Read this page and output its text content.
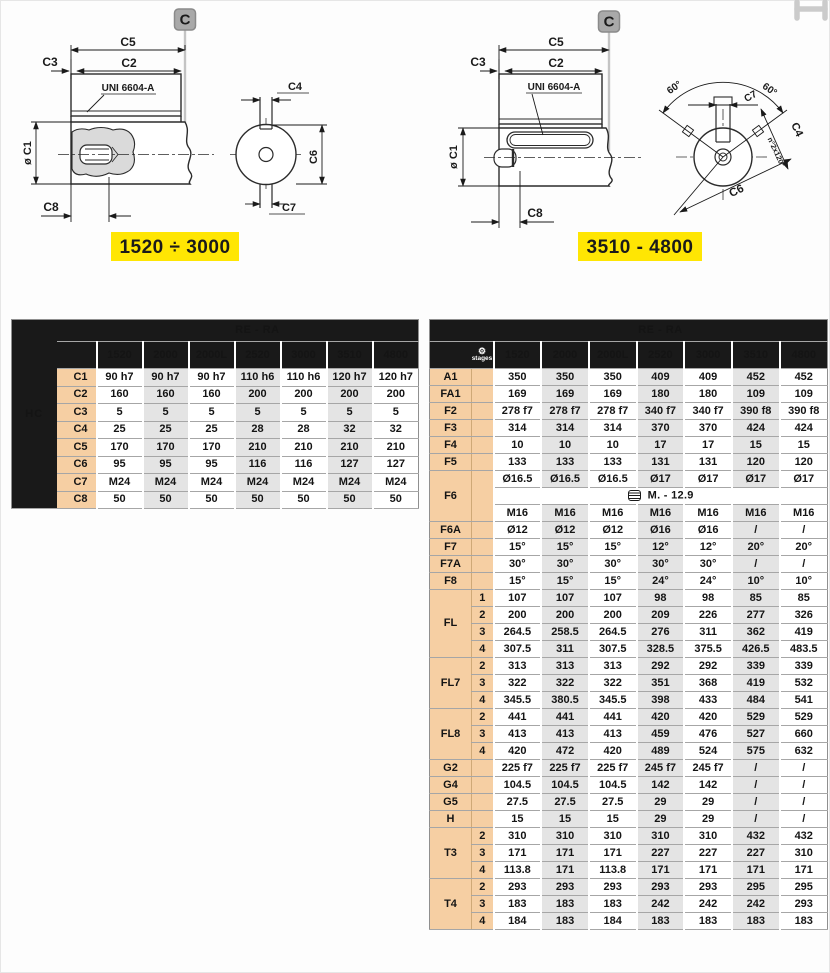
C
C5
C2
C3
UNI 6604-A
ø C1
C8
C4
C6
C7
1520 ÷ 3000
C
C5
C2
C3
UNI 6604-A
ø C1
C8
60°	60°
C7
C4
n°2x120°
C6
3510 - 4800
HC	RE - RA							
		1520	2000	2000L	2520	3000	3510	4800
	C1	90 h7	90 h7	90 h7	110 h6	110 h6	120 h7	120 h7
	C2	160	160	160	200	200	200	200
	C3	5	5	5	5	5	5	5
	C4	25	25	25	28	28	32	32
	C5	170	170	170	210	210	210	210
	C6	95	95	95	116	116	127	127
	C7	M24	M24	M24	M24	M24	M24	M24
	C8	50	50	50	50	50	50	50
RE - RA								

	⚙
stages	1520	2000	2000L	2520	3000	3510	4800
A1		350	350	350	409	409	452	452
FA1		169	169	169	180	180	109	109
F2		278 f7	278 f7	278 f7	340 f7	340 f7	390 f8	390 f8
F3		314	314	314	370	370	424	424
F4		10	10	10	17	17	15	15
F5		133	133	133	131	131	120	120
F6		Ø16.5	Ø16.5	Ø16.5	Ø17	Ø17	Ø17	Ø17
		M. - 12.9						
		M16	M16	M16	M16	M16	M16	M16
F6A		Ø12	Ø12	Ø12	Ø16	Ø16	/	/
F7		15°	15°	15°	12°	12°	20°	20°
F7A		30°	30°	30°	30°	30°	/	/
F8		15°	15°	15°	24°	24°	10°	10°
FL	1	107	107	107	98	98	85	85
	2	200	200	200	209	226	277	326
	3	264.5	258.5	264.5	276	311	362	419
	4	307.5	311	307.5	328.5	375.5	426.5	483.5
FL7	2	313	313	313	292	292	339	339
	3	322	322	322	351	368	419	532
	4	345.5	380.5	345.5	398	433	484	541
FL8	2	441	441	441	420	420	529	529
	3	413	413	413	459	476	527	660
	4	420	472	420	489	524	575	632
G2		225 f7	225 f7	225 f7	245 f7	245 f7	/	/
G4		104.5	104.5	104.5	142	142	/	/
G5		27.5	27.5	27.5	29	29	/	/
H		15	15	15	29	29	/	/
T3	2	310	310	310	310	310	432	432
	3	171	171	171	227	227	227	310
	4	113.8	171	113.8	171	171	171	171
T4	2	293	293	293	293	293	295	295
	3	183	183	183	242	242	242	293
	4	184	183	184	183	183	183	183
